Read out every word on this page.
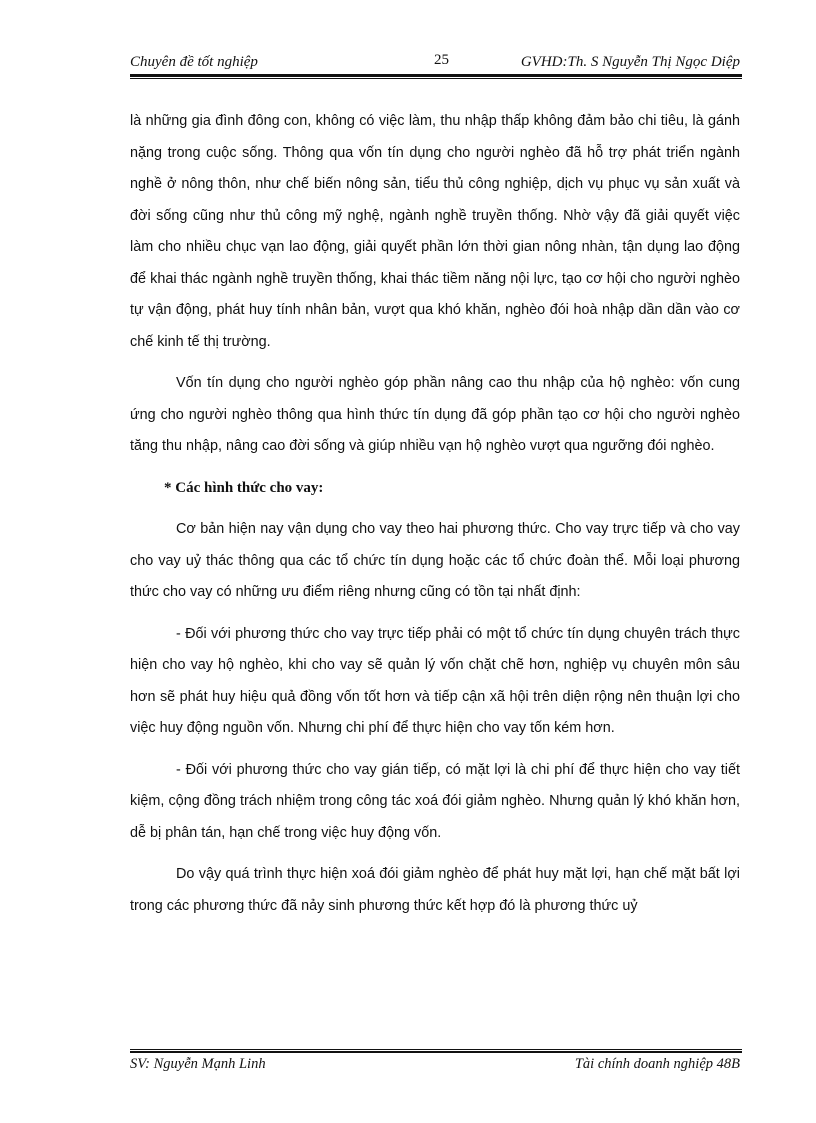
Chuyên đề tốt nghiệp	25	GVHD:Th. S Nguyễn Thị Ngọc Diệp

là những gia đình đông con, không có việc làm, thu nhập thấp không đảm bảo chi tiêu, là gánh nặng trong cuộc sống. Thông qua vốn tín dụng cho người nghèo đã hỗ trợ phát triển ngành nghề ở nông thôn, như chế biến nông sản, tiểu thủ công nghiệp, dịch vụ phục vụ sản xuất và đời sống cũng như thủ công mỹ nghệ, ngành nghề truyền thống. Nhờ vậy đã giải quyết việc làm cho nhiều chục vạn lao động, giải quyết phần lớn thời gian nông nhàn, tận dụng lao động để khai thác ngành nghề truyền thống, khai thác tiềm năng nội lực, tạo cơ hội cho người nghèo tự vận động, phát huy tính nhân bản, vượt qua khó khăn, nghèo đói hoà nhập dần dần vào cơ chế kinh tế thị trường.

Vốn tín dụng cho người nghèo góp phần nâng cao thu nhập của hộ nghèo: vốn cung ứng cho người nghèo thông qua hình thức tín dụng đã góp phần tạo cơ hội cho người nghèo tăng thu nhập, nâng cao đời sống và giúp nhiều vạn hộ nghèo vượt qua ngưỡng đói nghèo.

* Các hình thức cho vay:

Cơ bản hiện nay vận dụng cho vay theo hai phương thức. Cho vay trực tiếp và cho vay cho vay uỷ thác thông qua các tổ chức tín dụng hoặc các tổ chức đoàn thể. Mỗi loại phương thức cho vay có những ưu điểm riêng nhưng cũng có tồn tại nhất định:

- Đối với phương thức cho vay trực tiếp phải có một tổ chức tín dụng chuyên trách thực hiện cho vay hộ nghèo, khi cho vay sẽ quản lý vốn chặt chẽ hơn, nghiệp vụ chuyên môn sâu hơn sẽ phát huy hiệu quả đồng vốn tốt hơn và tiếp cận xã hội trên diện rộng nên thuận lợi cho việc huy động nguồn vốn. Nhưng chi phí để thực hiện cho vay tốn kém hơn.

- Đối với phương thức cho vay gián tiếp, có mặt lợi là chi phí để thực hiện cho vay tiết kiệm, cộng đồng trách nhiệm trong công tác xoá đói giảm nghèo. Nhưng quản lý khó khăn hơn, dễ bị phân tán, hạn chế trong việc huy động vốn.

Do vậy quá trình thực hiện xoá đói giảm nghèo để phát huy mặt lợi, hạn chế mặt bất lợi trong các phương thức đã nảy sinh phương thức kết hợp đó là phương thức uỷ

SV: Nguyễn Mạnh Linh	Tài chính doanh nghiệp 48B
